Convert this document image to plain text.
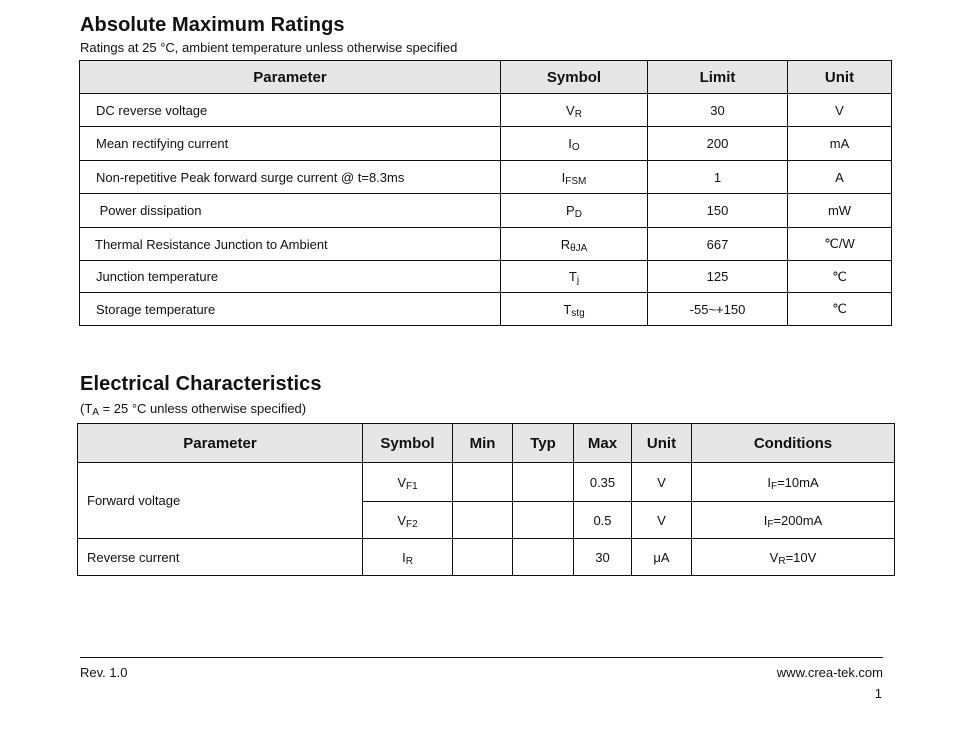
Absolute Maximum Ratings
Ratings at 25 °C, ambient temperature unless otherwise specified
Parameter	Symbol	Limit	Unit
DC reverse voltage	$V_R$	30	V
Mean rectifying current	$I_O$	200	mA
Non-repetitive Peak forward surge current @ t=8.3ms	$I_{FSM}$	1	A
Power dissipation	$P_D$	150	mW
Thermal Resistance Junction to Ambient	$R_{\theta JA}$	667	℃/W
Junction temperature	$T_j$	125	℃
Storage temperature	$T_{stg}$	-55~+150	℃
Electrical Characteristics
($T_A = 25$ °C unless otherwise specified)
Parameter	Symbol	Min	Typ	Max	Unit	Conditions
Forward voltage	$V_{F1}$			0.35	V	$I_F=10mA$
	$V_{F2}$			0.5	V	$I_F=200mA$
Reverse current	$I_R$			30	μA	$V_R=10V$
Rev. 1.0	www.crea-tek.com
1
